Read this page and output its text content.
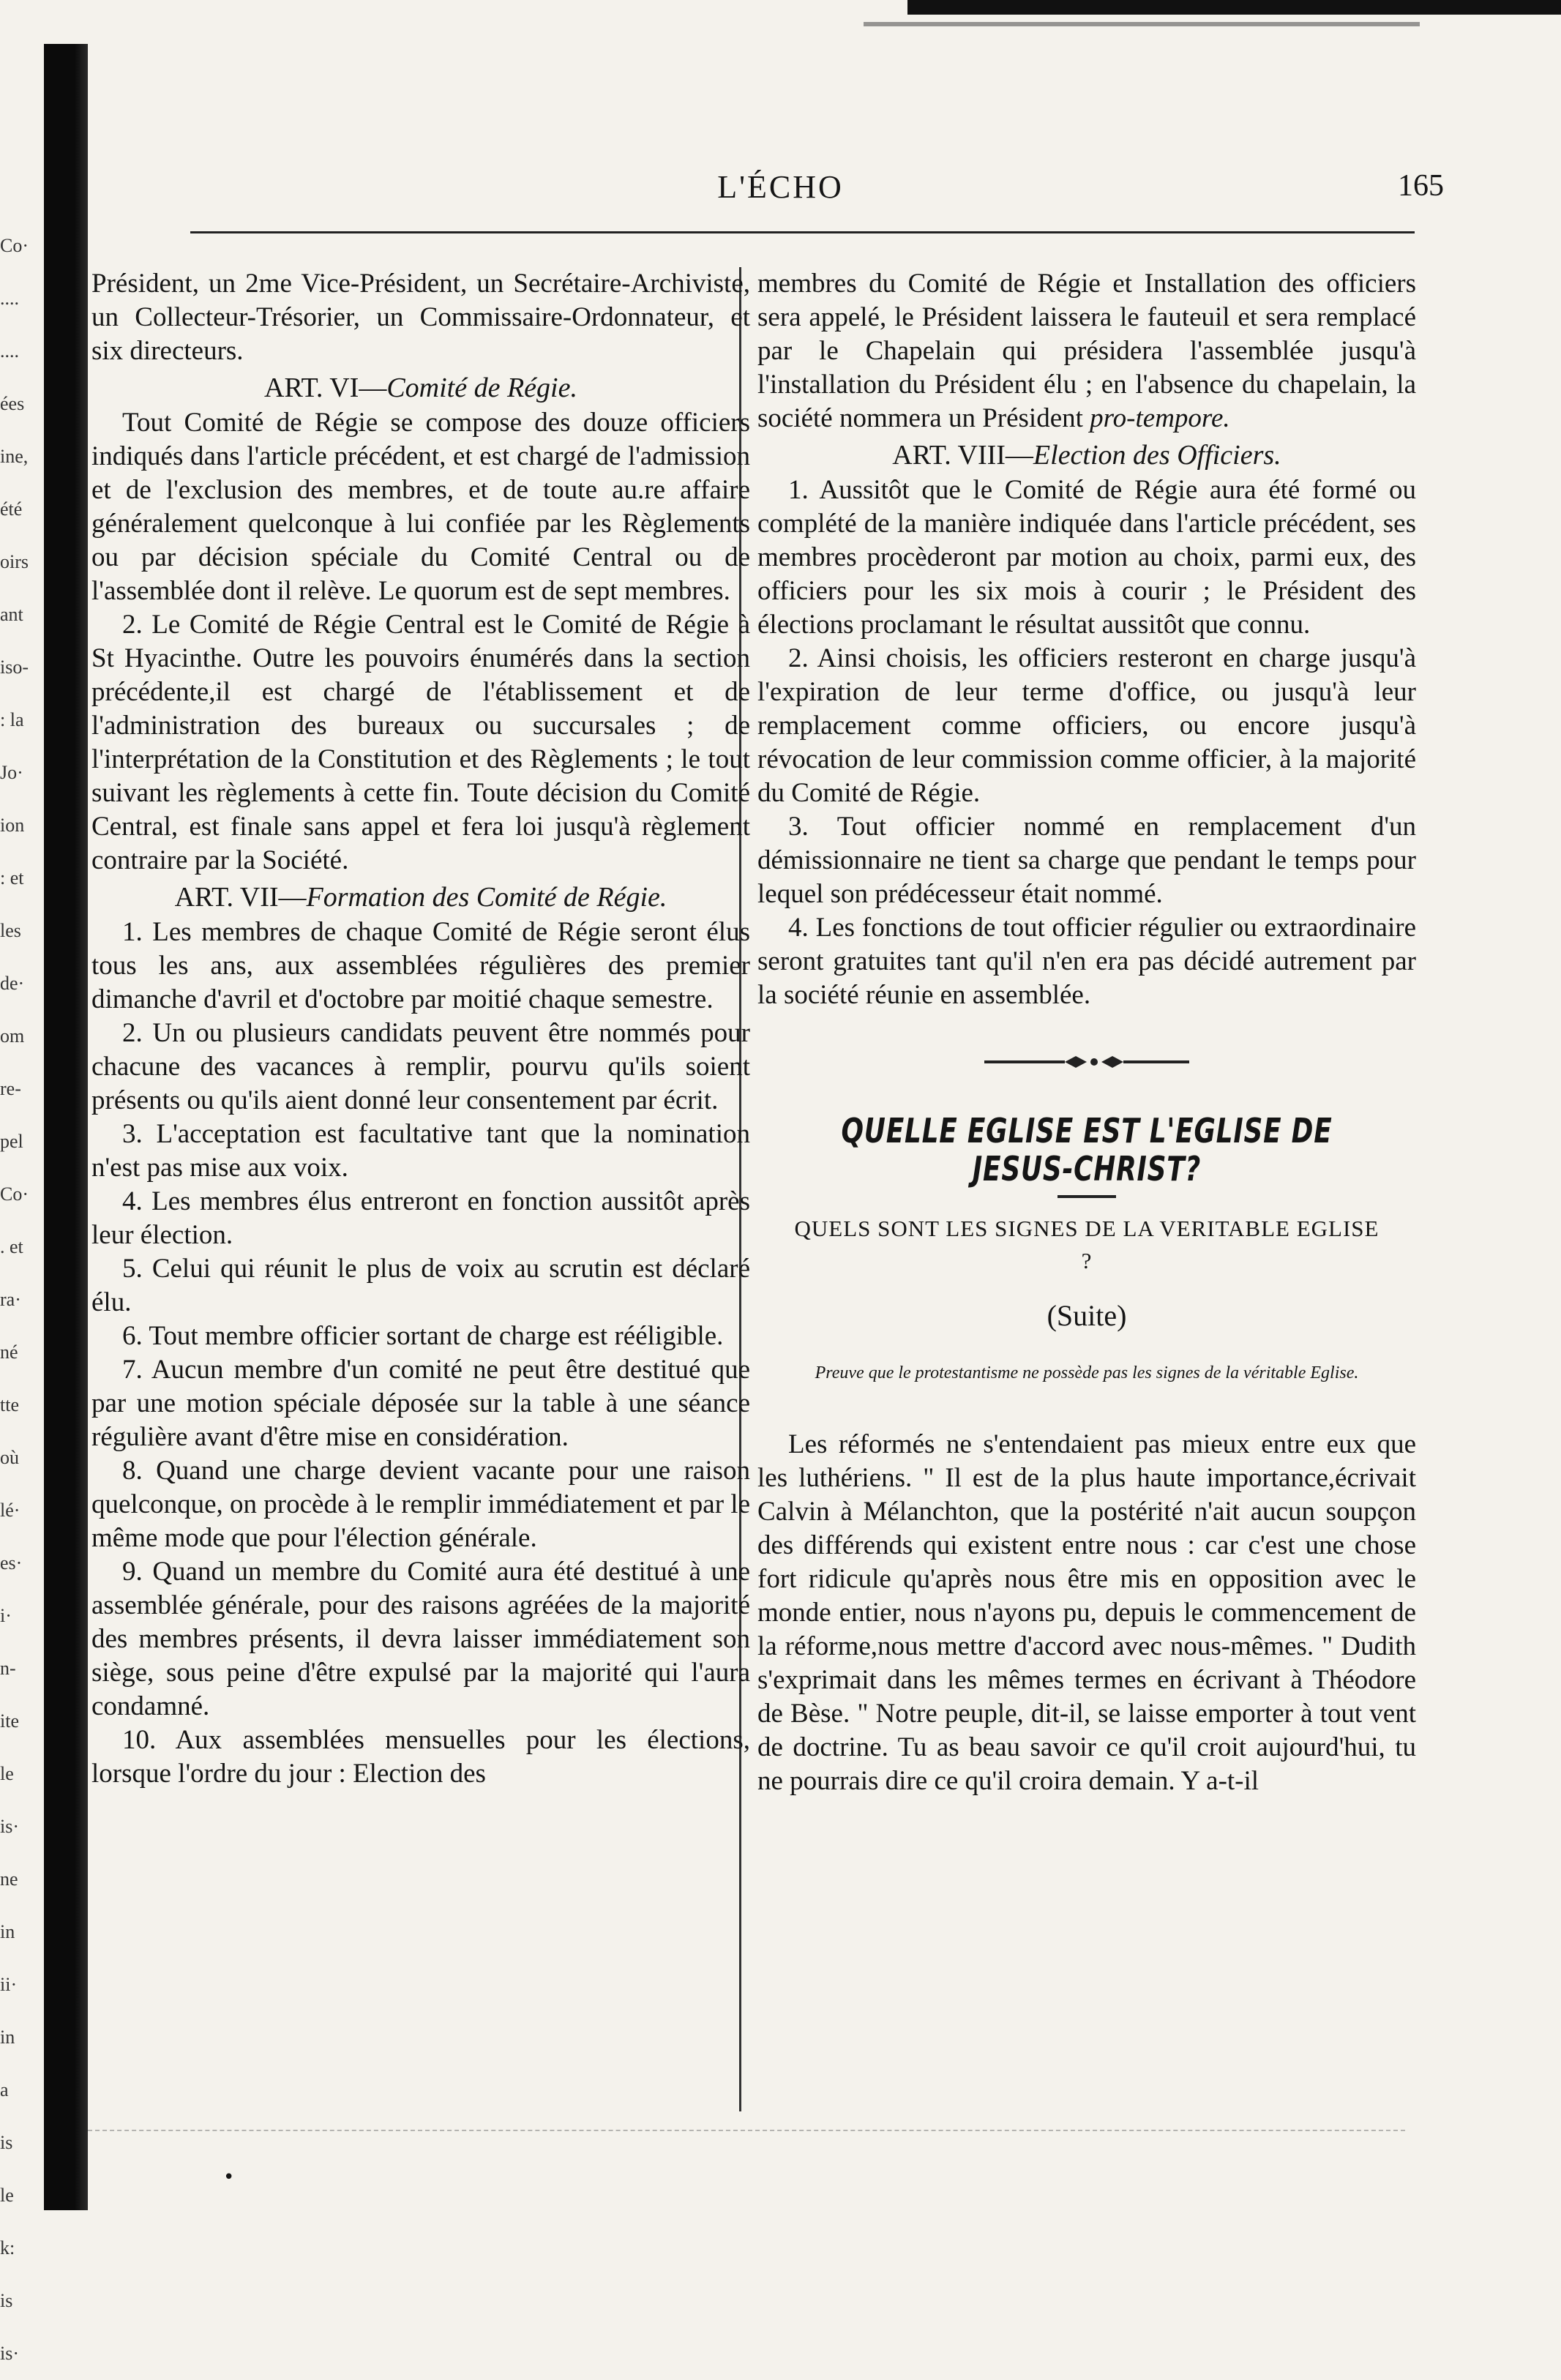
Co·
....
....
ées
ine,
été
oirs
ant
iso-
: la
Jo·
ion
: et
les
de·
om
re-
pel
Co·
. et
ra·
né
tte
où
lé·
es·
i·
n-
ite
le
is·
ne
in
ii·
in
a
is
le
k:
is
is·
L'ÉCHO	165

Président, un 2me Vice-Président, un Secrétaire-Archiviste, un Collecteur-Trésorier, un Commissaire-Ordonnateur, et six directeurs.

ART. VI—Comité de Régie.

Tout Comité de Régie se compose des douze officiers indiqués dans l'article précédent, et est chargé de l'admission et de l'exclusion des membres, et de toute au.re affaire généralement quelconque à lui confiée par les Règlements ou par décision spéciale du Comité Central ou de l'assemblée dont il relève. Le quorum est de sept membres.

2. Le Comité de Régie Central est le Comité de Régie à St Hyacinthe. Outre les pouvoirs énumérés dans la section précédente,il est chargé de l'établissement et de l'administration des bureaux ou succursales ; de l'interprétation de la Constitution et des Règlements ; le tout suivant les règlements à cette fin. Toute décision du Comité Central, est finale sans appel et fera loi jusqu'à règlement contraire par la Société.

ART. VII—Formation des Comité de Régie.

1. Les membres de chaque Comité de Régie seront élus tous les ans, aux assemblées régulières des premier dimanche d'avril et d'octobre par moitié chaque semestre.

2. Un ou plusieurs candidats peuvent être nommés pour chacune des vacances à remplir, pourvu qu'ils soient présents ou qu'ils aient donné leur consentement par écrit.

3. L'acceptation est facultative tant que la nomination n'est pas mise aux voix.

4. Les membres élus entreront en fonction aussitôt après leur élection.

5. Celui qui réunit le plus de voix au scrutin est déclaré élu.

6. Tout membre officier sortant de charge est rééligible.

7. Aucun membre d'un comité ne peut être destitué que par une motion spéciale déposée sur la table à une séance régulière avant d'être mise en considération.

8. Quand une charge devient vacante pour une raison quelconque, on procède à le remplir immédiatement et par le même mode que pour l'élection générale.

9. Quand un membre du Comité aura été destitué à une assemblée générale, pour des raisons agréées de la majorité des membres présents, il devra laisser immédiatement son siège, sous peine d'être expulsé par la majorité qui l'aura condamné.

10. Aux assemblées mensuelles pour les élections, lorsque l'ordre du jour : Election des

membres du Comité de Régie et Installation des officiers sera appelé, le Président laissera le fauteuil et sera remplacé par le Chapelain qui présidera l'assemblée jusqu'à l'installation du Président élu ; en l'absence du chapelain, la société nommera un Président pro-tempore.

ART. VIII—Election des Officiers.

1. Aussitôt que le Comité de Régie aura été formé ou complété de la manière indiquée dans l'article précédent, ses membres procèderont par motion au choix, parmi eux, des officiers pour les six mois à courir ; le Président des élections proclamant le résultat aussitôt que connu.

2. Ainsi choisis, les officiers resteront en charge jusqu'à l'expiration de leur terme d'office, ou jusqu'à leur remplacement comme officiers, ou encore jusqu'à révocation de leur commission comme officier, à la majorité du Comité de Régie.

3. Tout officier nommé en remplacement d'un démissionnaire ne tient sa charge que pendant le temps pour lequel son prédécesseur était nommé.

4. Les fonctions de tout officier régulier ou extraordinaire seront gratuites tant qu'il n'en era pas décidé autrement par la société réunie en assemblée.

QUELLE EGLISE EST L'EGLISE DE JESUS-CHRIST?
QUELS SONT LES SIGNES DE LA VERITABLE EGLISE ?
(Suite)
Preuve que le protestantisme ne possède pas les signes de la véritable Eglise.

Les réformés ne s'entendaient pas mieux entre eux que les luthériens. " Il est de la plus haute importance,écrivait Calvin à Mélanchton, que la postérité n'ait aucun soupçon des différends qui existent entre nous : car c'est une chose fort ridicule qu'après nous être mis en opposition avec le monde entier, nous n'ayons pu, depuis le commencement de la réforme,nous mettre d'accord avec nous-mêmes. " Dudith s'exprimait dans les mêmes termes en écrivant à Théodore de Bèse. " Notre peuple, dit-il, se laisse emporter à tout vent de doctrine. Tu as beau savoir ce qu'il croit aujourd'hui, tu ne pourrais dire ce qu'il croira demain. Y a-t-il

•
